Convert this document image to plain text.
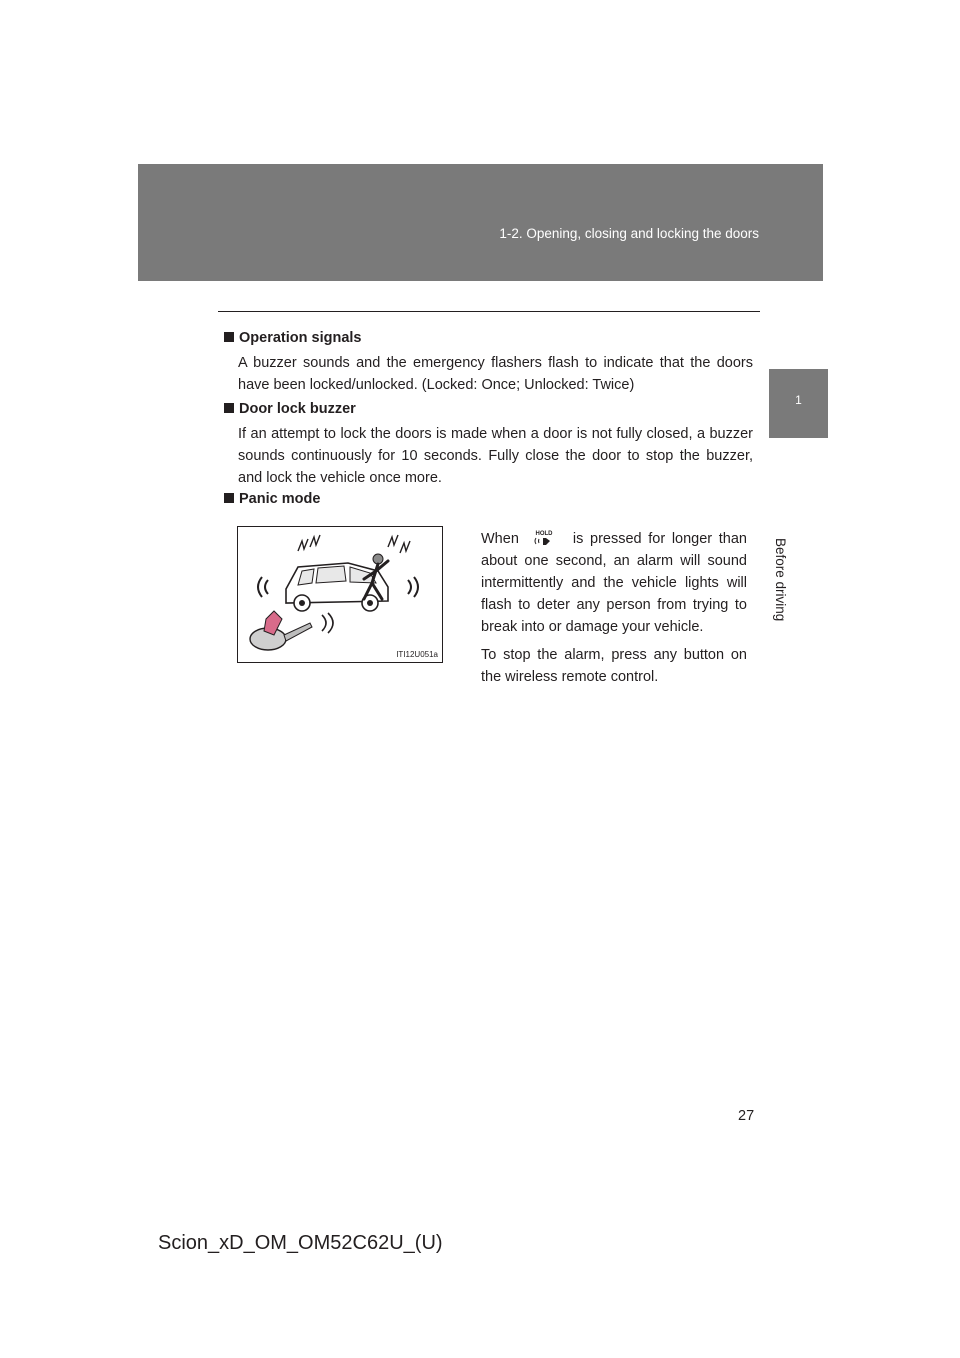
1-2. Opening, closing and locking the doors
1
Before driving
Operation signals

A buzzer sounds and the emergency flashers flash to indicate that the doors have been locked/unlocked. (Locked: Once; Unlocked: Twice)

Door lock buzzer

If an attempt to lock the doors is made when a door is not fully closed, a buzzer sounds continuously for 10 seconds. Fully close the door to stop the buzzer, and lock the vehicle once more.

Panic mode
ITI12U051a

When	HOLD is pressed for longer than about one second, an alarm will sound intermittently and the vehicle lights will flash to deter any person from trying to break into or damage your vehicle.

To stop the alarm, press any button on the wireless remote control.

27
Scion_xD_OM_OM52C62U_(U)
